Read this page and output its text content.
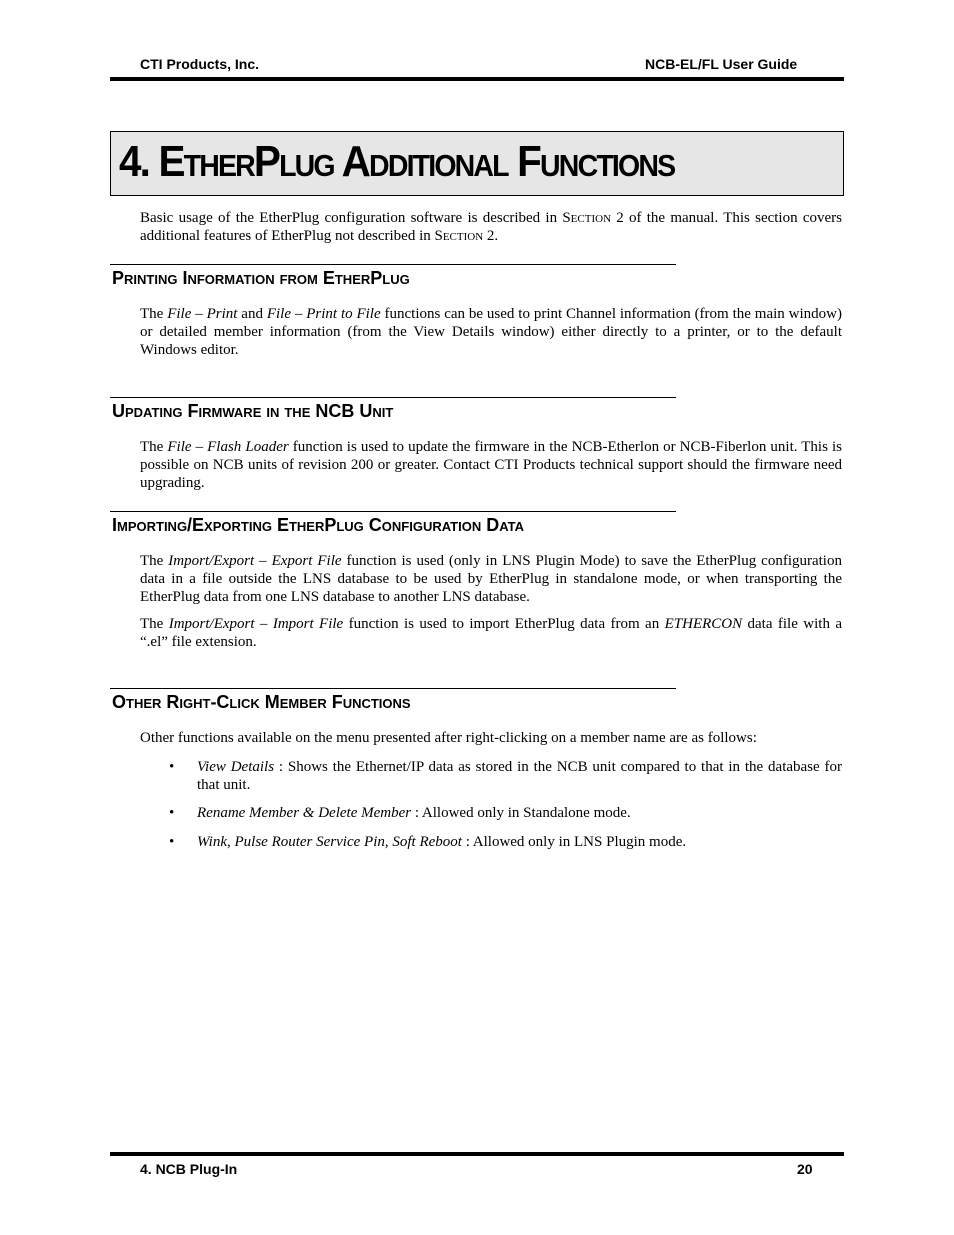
CTI Products, Inc.	NCB-EL/FL User Guide
4. EtherPlug Additional Functions

Basic usage of the EtherPlug configuration software is described in Section 2 of the manual. This section covers additional features of EtherPlug not described in Section 2.

Printing Information from EtherPlug

The File – Print and File – Print to File functions can be used to print Channel information (from the main window) or detailed member information (from the View Details window) either directly to a printer, or to the default Windows editor.

Updating Firmware in the NCB Unit

The File – Flash Loader function is used to update the firmware in the NCB-Etherlon or NCB-Fiberlon unit. This is possible on NCB units of revision 200 or greater. Contact CTI Products technical support should the firmware need upgrading.

Importing/Exporting EtherPlug Configuration Data

The Import/Export – Export File function is used (only in LNS Plugin Mode) to save the EtherPlug configuration data in a file outside the LNS database to be used by EtherPlug in standalone mode, or when transporting the EtherPlug data from one LNS database to another LNS database.

The Import/Export – Import File function is used to import EtherPlug data from an ETHERCON data file with a “.el” file extension.

Other Right-Click Member Functions

Other functions available on the menu presented after right-clicking on a member name are as follows:

• View Details : Shows the Ethernet/IP data as stored in the NCB unit compared to that in the database for that unit.
• Rename Member & Delete Member : Allowed only in Standalone mode.
• Wink, Pulse Router Service Pin, Soft Reboot : Allowed only in LNS Plugin mode.
4. NCB Plug-In	20
